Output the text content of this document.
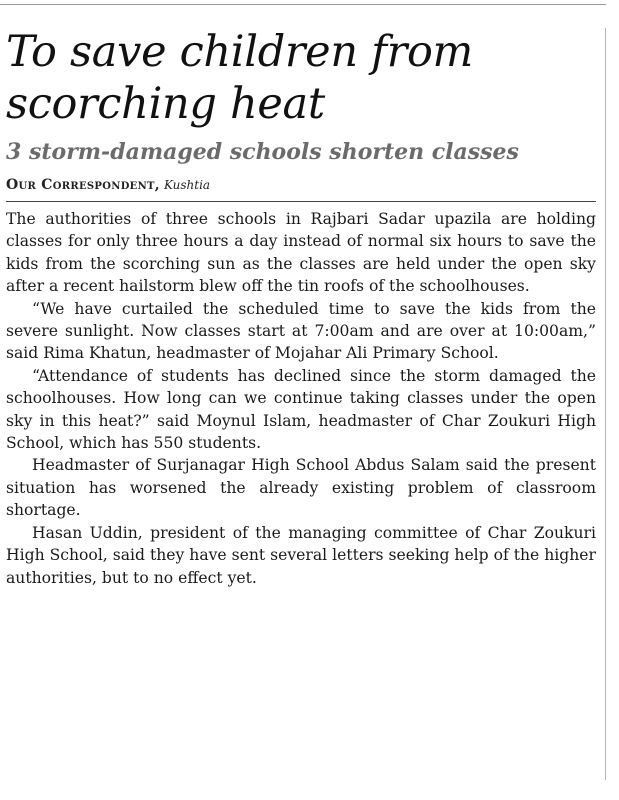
To save children from scorching heat
3 storm-damaged schools shorten classes
Our Correspondent, Kushtia

The authorities of three schools in Rajbari Sadar upazila are holding classes for only three hours a day instead of normal six hours to save the kids from the scorching sun as the classes are held under the open sky after a recent hailstorm blew off the tin roofs of the schoolhouses.

“We have curtailed the scheduled time to save the kids from the severe sunlight. Now classes start at 7:00am and are over at 10:00am,” said Rima Khatun, headmaster of Mojahar Ali Primary School.

“Attendance of students has declined since the storm damaged the schoolhouses. How long can we continue taking classes under the open sky in this heat?” said Moynul Islam, headmaster of Char Zoukuri High School, which has 550 students.

Headmaster of Surjanagar High School Abdus Salam said the present situation has worsened the already existing problem of classroom shortage.

Hasan Uddin, president of the managing committee of Char Zoukuri High School, said they have sent several letters seeking help of the higher authorities, but to no effect yet.
